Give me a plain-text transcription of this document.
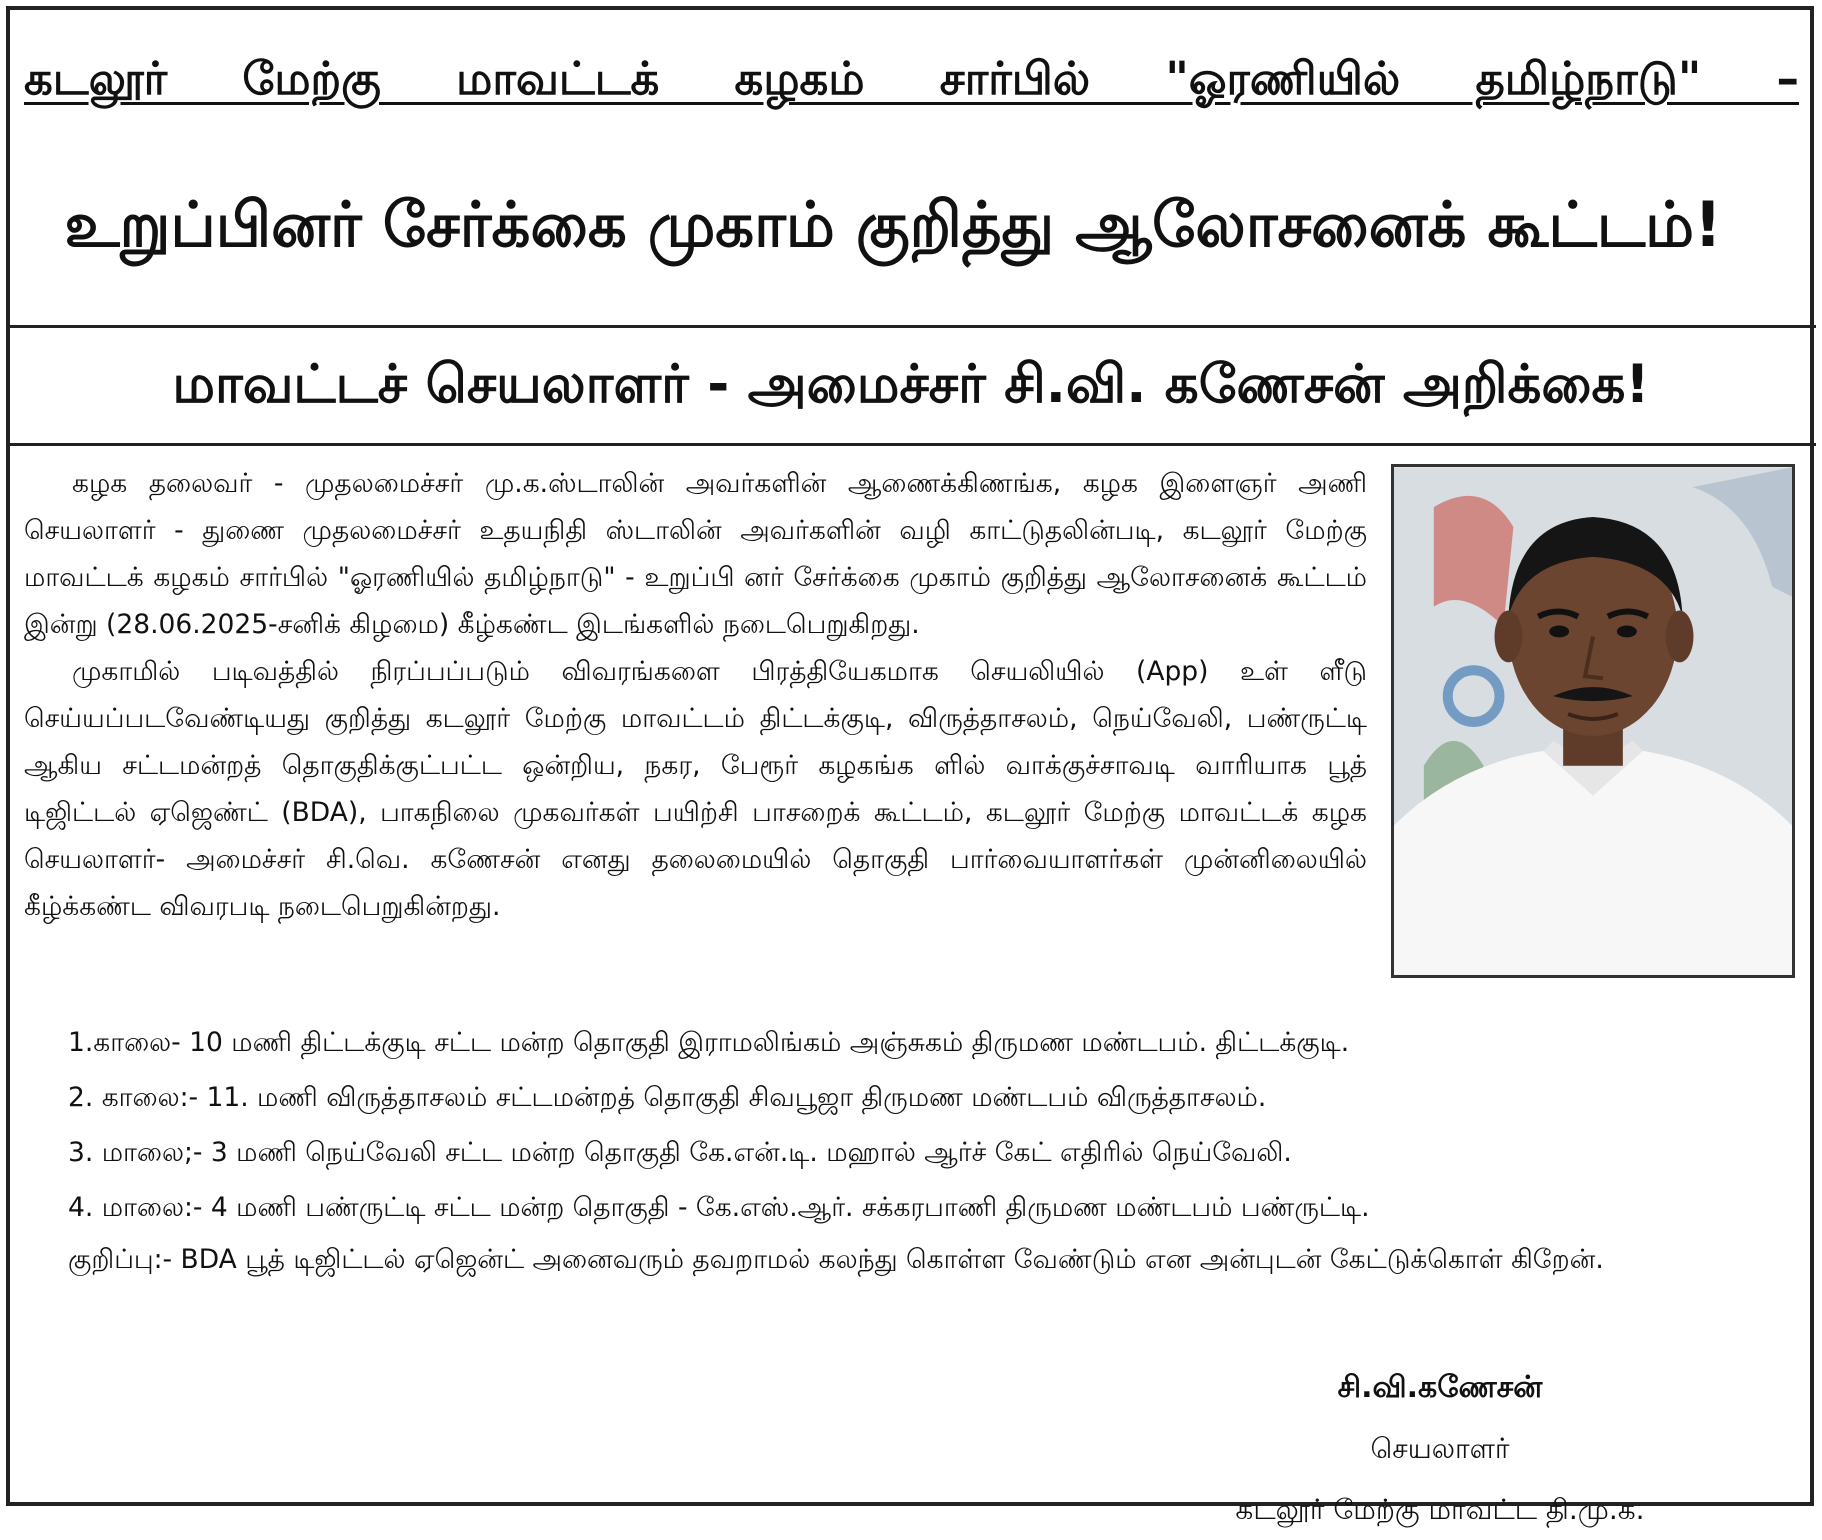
கடலூர் மேற்கு மாவட்டக் கழகம் சார்பில் "ஓரணியில் தமிழ்நாடு" –
உறுப்பினர் சேர்க்கை முகாம் குறித்து ஆலோசனைக் கூட்டம்!
மாவட்டச் செயலாளர் - அமைச்சர் சி.வி. கணேசன் அறிக்கை!

கழக தலைவர் - முதலமைச்சர் மு.க.ஸ்டாலின் அவர்களின் ஆணைக்கிணங்க, கழக இளைஞர் அணி செயலாளர் - துணை முதலமைச்சர் உதயநிதி ஸ்டாலின் அவர்களின் வழி காட்டுதலின்படி, கடலூர் மேற்கு மாவட்டக் கழகம் சார்பில் "ஓரணியில் தமிழ்நாடு" - உறுப்பி னர் சேர்க்கை முகாம் குறித்து ஆலோசனைக் கூட்டம் இன்று (28.06.2025-சனிக் கிழமை) கீழ்கண்ட இடங்களில் நடைபெறுகிறது.

முகாமில் படிவத்தில் நிரப்பப்படும் விவரங்களை பிரத்தியேகமாக செயலியில் (App) உள் ளீடு செய்யப்படவேண்டியது குறித்து கடலூர் மேற்கு மாவட்டம் திட்டக்குடி, விருத்தாசலம், நெய்வேலி, பண்ருட்டி ஆகிய சட்டமன்றத் தொகுதிக்குட்பட்ட ஒன்றிய, நகர, பேரூர் கழகங்க ளில் வாக்குச்சாவடி வாரியாக பூத் டிஜிட்டல் ஏஜெண்ட் (BDA), பாகநிலை முகவர்கள் பயிற்சி பாசறைக் கூட்டம், கடலூர் மேற்கு மாவட்டக் கழக செயலாளர்- அமைச்சர் சி.வெ. கணேசன் எனது தலைமையில் தொகுதி பார்வையாளர்கள் முன்னிலையில் கீழ்க்கண்ட விவரபடி நடைபெறுகின்றது.

1.காலை- 10 மணி திட்டக்குடி சட்ட மன்ற தொகுதி இராமலிங்கம் அஞ்சுகம் திருமண மண்டபம். திட்டக்குடி.
2. காலை:- 11. மணி விருத்தாசலம் சட்டமன்றத் தொகுதி சிவபூஜா திருமண மண்டபம் விருத்தாசலம்.
3. மாலை;- 3 மணி நெய்வேலி சட்ட மன்ற தொகுதி கே.என்.டி. மஹால் ஆர்ச் கேட் எதிரில் நெய்வேலி.
4. மாலை:- 4 மணி பண்ருட்டி சட்ட மன்ற தொகுதி - கே.எஸ்.ஆர். சக்கரபாணி திருமண மண்டபம் பண்ருட்டி.

குறிப்பு:- BDA பூத் டிஜிட்டல் ஏஜென்ட் அனைவரும் தவறாமல் கலந்து கொள்ள வேண்டும் என அன்புடன் கேட்டுக்கொள் கிறேன்.

சி.வி.கணேசன்
செயலாளர்
கடலூர் மேற்கு மாவட்ட தி.மு.க.
